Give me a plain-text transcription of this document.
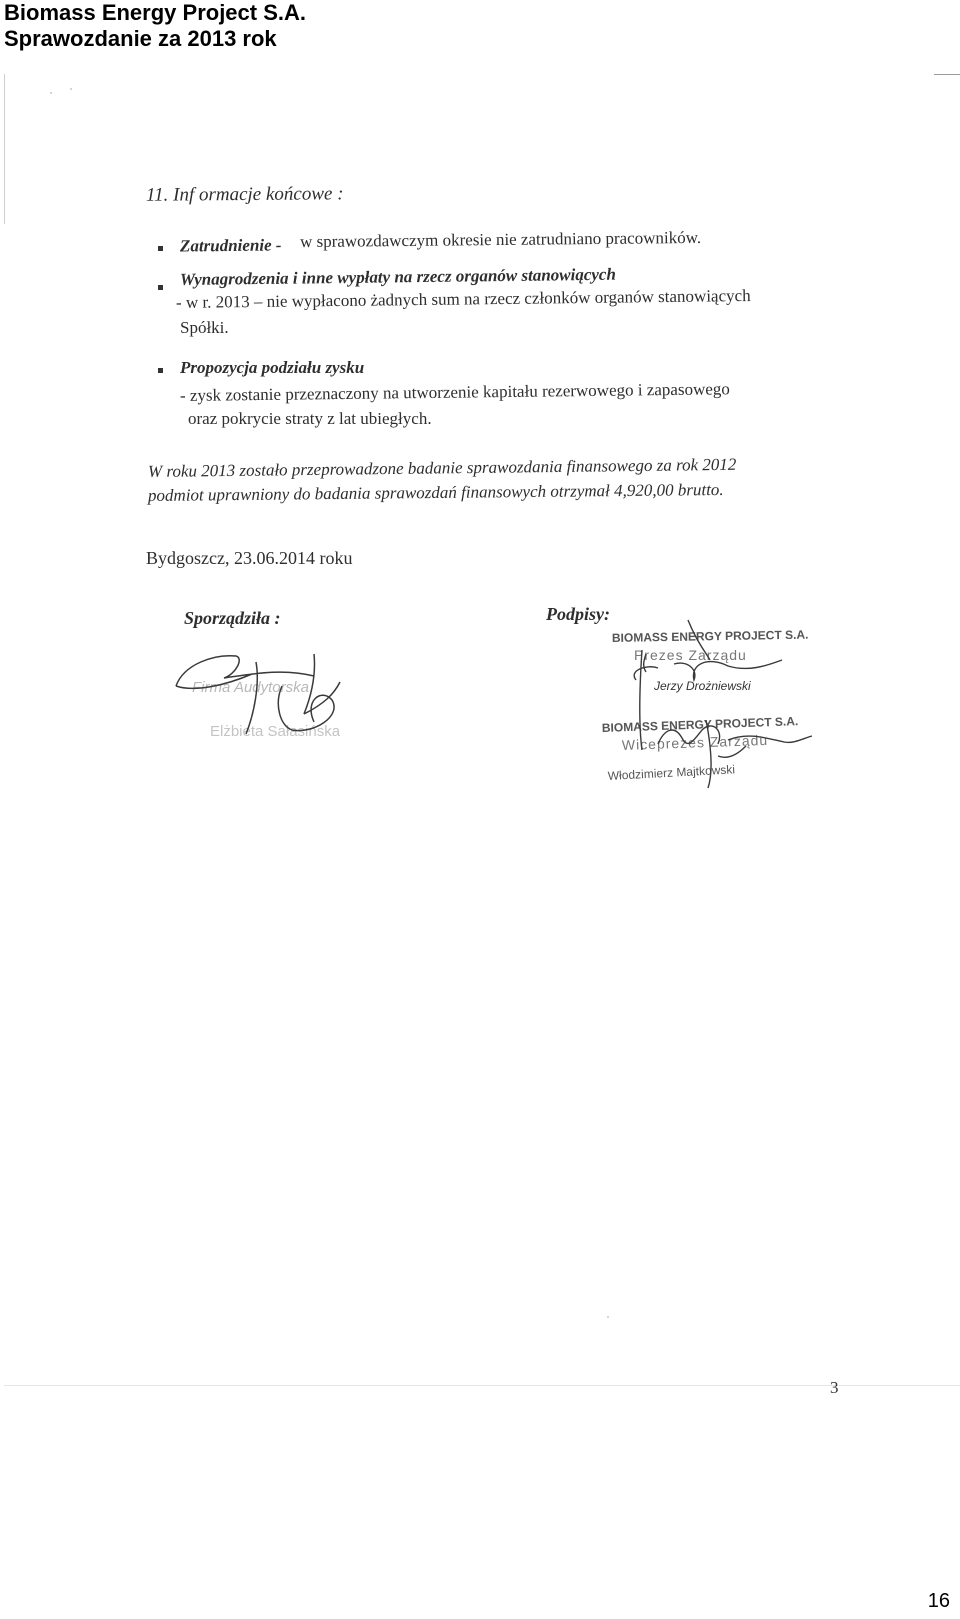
Biomass Energy Project S.A.
Sprawozdanie za 2013 rok
11. Inf ormacje końcowe :
Zatrudnienie - w sprawozdawczym okresie nie zatrudniano pracowników.
Wynagrodzenia i inne wypłaty na rzecz organów stanowiących
- w r. 2013 – nie wypłacono żadnych sum na rzecz członków organów stanowiących
Spółki.
Propozycja podziału zysku
- zysk zostanie przeznaczony na utworzenie kapitału rezerwowego i zapasowego
oraz pokrycie straty z lat ubiegłych.
W roku 2013 zostało przeprowadzone badanie sprawozdania finansowego za rok 2012
podmiot uprawniony do badania sprawozdań finansowych otrzymał 4,920,00 brutto.
Bydgoszcz, 23.06.2014 roku
Sporządziła :
Firma Audytorska
Elżbieta Sałasińska
Podpisy:
BIOMASS ENERGY PROJECT S.A.
Prezes Zarządu
Jerzy Drożniewski
BIOMASS ENERGY PROJECT S.A.
Wiceprezes Zarządu
Włodzimierz Majtkowski
3
16
